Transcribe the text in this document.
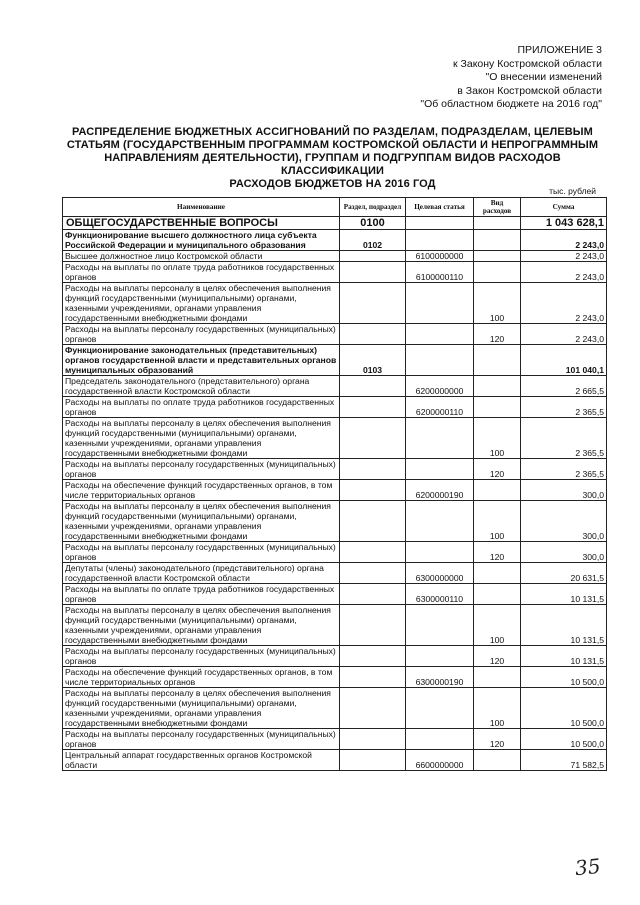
ПРИЛОЖЕНИЕ 3
к Закону Костромской области
"О внесении изменений
в Закон Костромской области
"Об областном бюджете на 2016 год"
РАСПРЕДЕЛЕНИЕ БЮДЖЕТНЫХ АССИГНОВАНИЙ ПО РАЗДЕЛАМ, ПОДРАЗДЕЛАМ, ЦЕЛЕВЫМ
СТАТЬЯМ (ГОСУДАРСТВЕННЫМ ПРОГРАММАМ КОСТРОМСКОЙ ОБЛАСТИ И НЕПРОГРАММНЫМ
НАПРАВЛЕНИЯМ ДЕЯТЕЛЬНОСТИ), ГРУППАМ И ПОДГРУППАМ ВИДОВ РАСХОДОВ КЛАССИФИКАЦИИ
РАСХОДОВ БЮДЖЕТОВ НА 2016 ГОД
тыс. рублей
Наименование	Раздел, подраздел	Целевая статья	Вид расходов	Сумма
ОБЩЕГОСУДАРСТВЕННЫЕ ВОПРОСЫ	0100			1 043 628,1
Функционирование высшего должностного лица субъекта Российской Федерации и муниципального образования	0102			2 243,0
Высшее должностное лицо Костромской области		6100000000		2 243,0
Расходы на выплаты по оплате труда работников государственных органов		6100000110		2 243,0
Расходы на выплаты персоналу в целях обеспечения выполнения функций государственными (муниципальными) органами, казенными учреждениями, органами управления государственными внебюджетными фондами			100	2 243,0
Расходы на выплаты персоналу государственных (муниципальных) органов			120	2 243,0
Функционирование законодательных (представительных) органов государственной власти и представительных органов муниципальных образований	0103			101 040,1
Председатель законодательного (представительного) органа государственной власти Костромской области		6200000000		2 665,5
Расходы на выплаты по оплате труда работников государственных органов		6200000110		2 365,5
Расходы на выплаты персоналу в целях обеспечения выполнения функций государственными (муниципальными) органами, казенными учреждениями, органами управления государственными внебюджетными фондами			100	2 365,5
Расходы на выплаты персоналу государственных (муниципальных) органов			120	2 365,5
Расходы на обеспечение функций государственных органов, в том числе территориальных органов		6200000190		300,0
Расходы на выплаты персоналу в целях обеспечения выполнения функций государственными (муниципальными) органами, казенными учреждениями, органами управления государственными внебюджетными фондами			100	300,0
Расходы на выплаты персоналу государственных (муниципальных) органов			120	300,0
Депутаты (члены) законодательного (представительного) органа государственной власти Костромской области		6300000000		20 631,5
Расходы на выплаты по оплате труда работников государственных органов		6300000110		10 131,5
Расходы на выплаты персоналу в целях обеспечения выполнения функций государственными (муниципальными) органами, казенными учреждениями, органами управления государственными внебюджетными фондами			100	10 131,5
Расходы на выплаты персоналу государственных (муниципальных) органов			120	10 131,5
Расходы на обеспечение функций государственных органов, в том числе территориальных органов		6300000190		10 500,0
Расходы на выплаты персоналу в целях обеспечения выполнения функций государственными (муниципальными) органами, казенными учреждениями, органами управления государственными внебюджетными фондами			100	10 500,0
Расходы на выплаты персоналу государственных (муниципальных) органов			120	10 500,0
Центральный аппарат государственных органов Костромской области		6600000000		71 582,5
35
